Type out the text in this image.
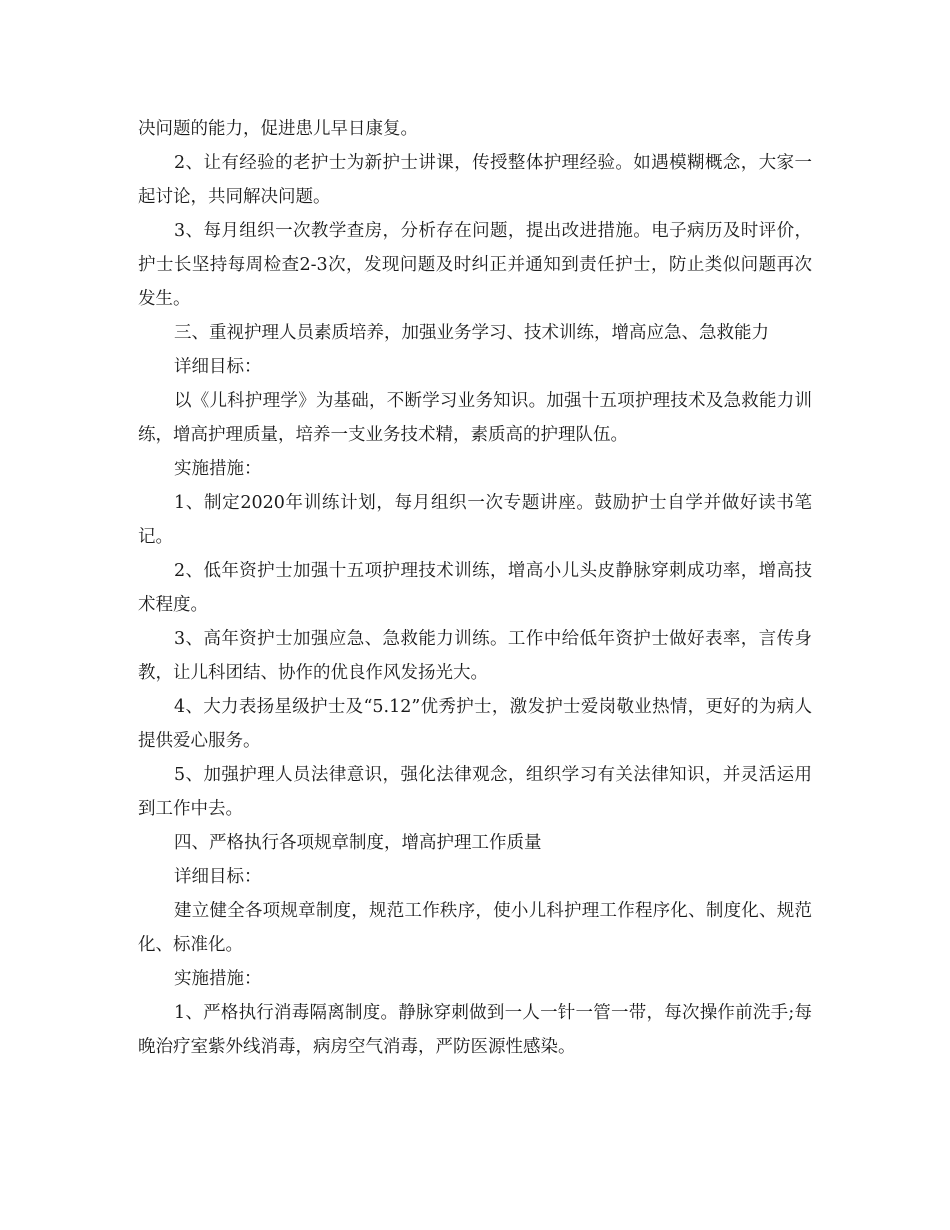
决问题的能力，促进患儿早日康复。

2、让有经验的老护士为新护士讲课，传授整体护理经验。如遇模糊概念，大家一起讨论，共同解决问题。

3、每月组织一次教学查房，分析存在问题，提出改进措施。电子病历及时评价，护士长坚持每周检查2-3次，发现问题及时纠正并通知到责任护士，防止类似问题再次发生。

三、重视护理人员素质培养，加强业务学习、技术训练，增高应急、急救能力

详细目标：

以《儿科护理学》为基础，不断学习业务知识。加强十五项护理技术及急救能力训练，增高护理质量，培养一支业务技术精，素质高的护理队伍。

实施措施：

1、制定2020年训练计划，每月组织一次专题讲座。鼓励护士自学并做好读书笔记。

2、低年资护士加强十五项护理技术训练，增高小儿头皮静脉穿刺成功率，增高技术程度。

3、高年资护士加强应急、急救能力训练。工作中给低年资护士做好表率，言传身教，让儿科团结、协作的优良作风发扬光大。

4、大力表扬星级护士及“5.12”优秀护士，激发护士爱岗敬业热情，更好的为病人提供爱心服务。

5、加强护理人员法律意识，强化法律观念，组织学习有关法律知识，并灵活运用到工作中去。

四、严格执行各项规章制度，增高护理工作质量

详细目标：

建立健全各项规章制度，规范工作秩序，使小儿科护理工作程序化、制度化、规范化、标准化。

实施措施：

1、严格执行消毒隔离制度。静脉穿刺做到一人一针一管一带，每次操作前洗手;每晚治疗室紫外线消毒，病房空气消毒，严防医源性感染。
